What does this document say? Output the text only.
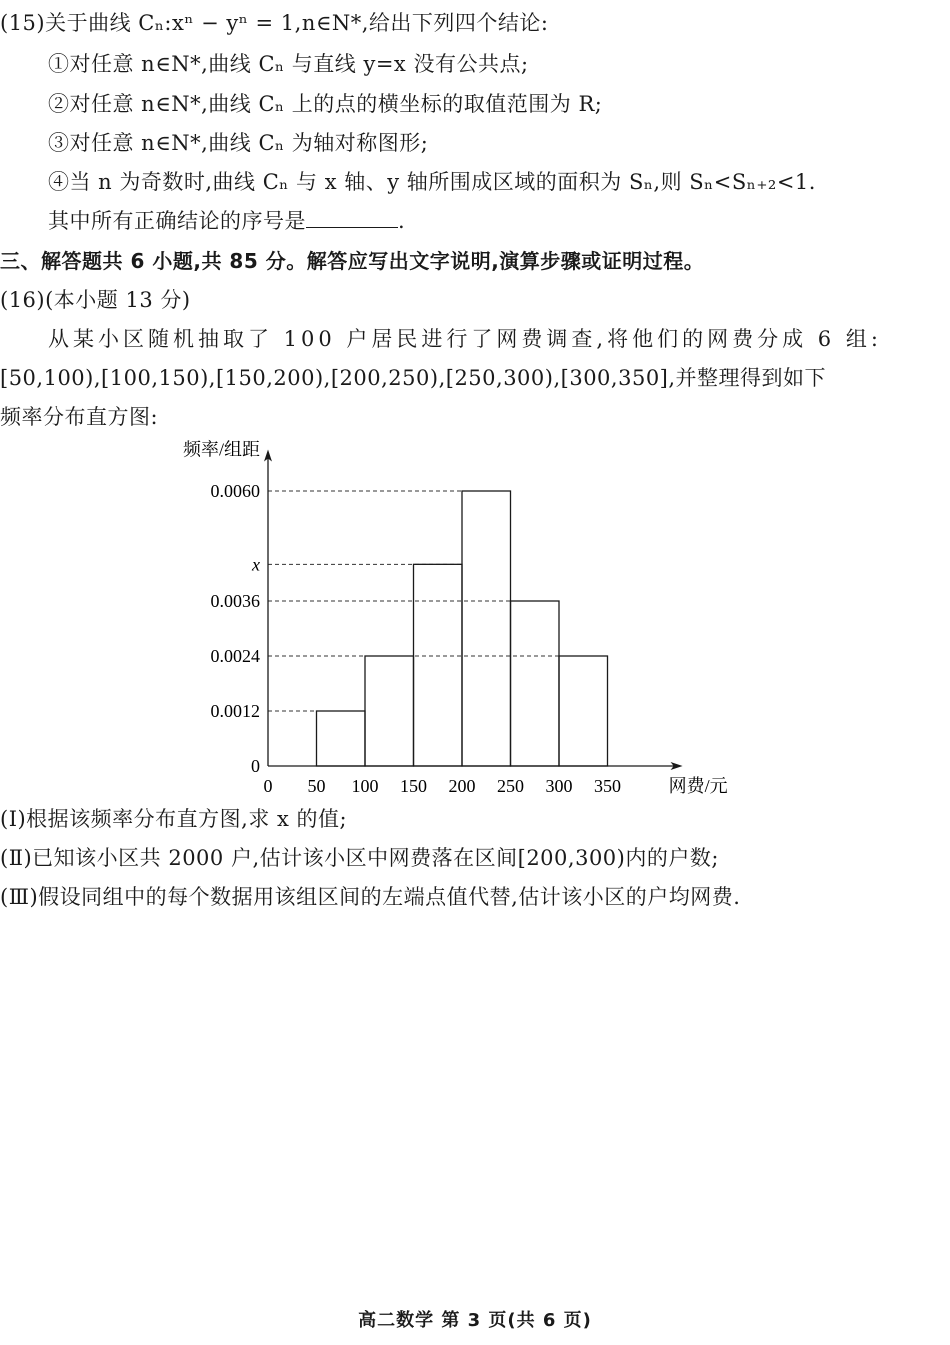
(15)关于曲线 Cₙ:xⁿ − yⁿ = 1,n∈N*,给出下列四个结论:
①对任意 n∈N*,曲线 Cₙ 与直线 y=x 没有公共点;
②对任意 n∈N*,曲线 Cₙ 上的点的横坐标的取值范围为 R;
③对任意 n∈N*,曲线 Cₙ 为轴对称图形;
④当 n 为奇数时,曲线 Cₙ 与 x 轴、y 轴所围成区域的面积为 Sₙ,则 Sₙ<Sₙ₊₂<1.
其中所有正确结论的序号是	.
三、解答题共 6 小题,共 85 分。解答应写出文字说明,演算步骤或证明过程。
(16)(本小题 13 分)
从某小区随机抽取了 100 户居民进行了网费调查,将他们的网费分成 6 组:
[50,100),[100,150),[150,200),[200,250),[250,300),[300,350],并整理得到如下
频率分布直方图:
0 50 100 150 200 250 300 350	网费/元
0
0.0012
0.0024
0.0036
x
0.0060
频率/组距
(Ⅰ)根据该频率分布直方图,求 x 的值;
(Ⅱ)已知该小区共 2000 户,估计该小区中网费落在区间[200,300)内的户数;
(Ⅲ)假设同组中的每个数据用该组区间的左端点值代替,估计该小区的户均网费.
高二数学 第 3 页(共 6 页)
